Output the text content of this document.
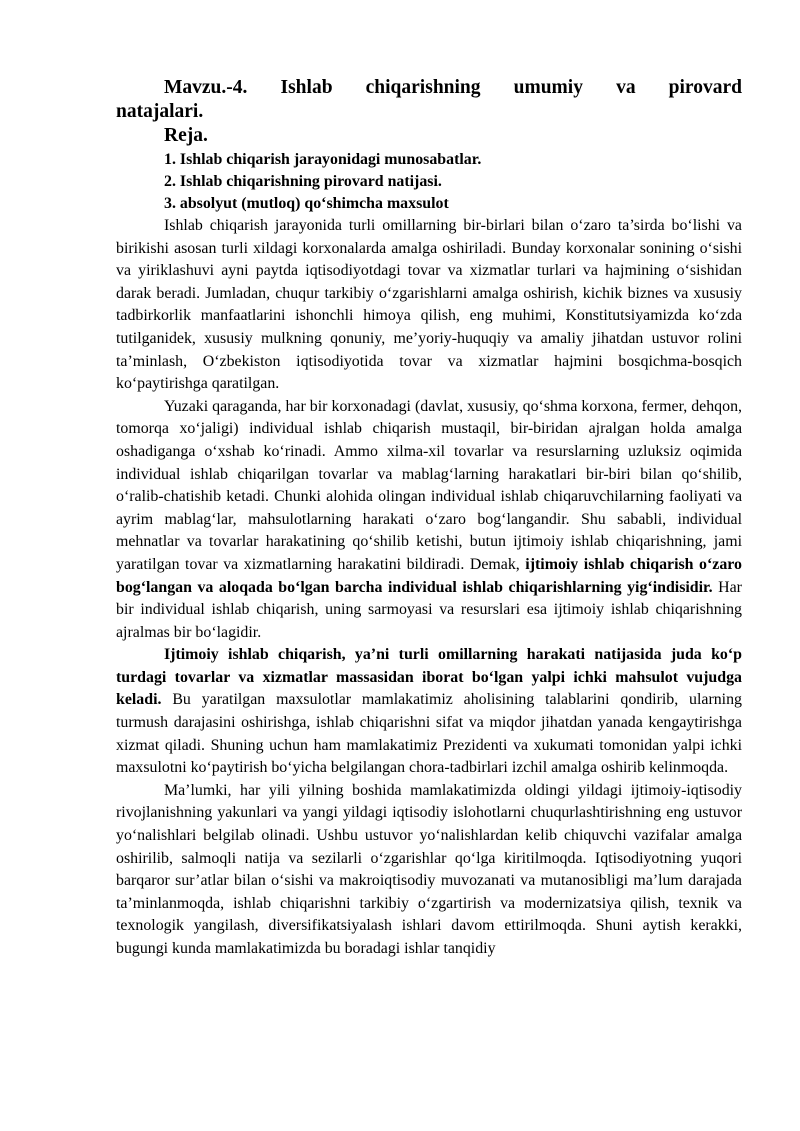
Mavzu.-4. Ishlab chiqarishning umumiy va pirovard
natajalari.

Reja.
1. Ishlab chiqarish jarayonidagi munosabatlar.
2. Ishlab chiqarishning pirovard natijasi.
3. absolyut (mutloq) qo‘shimcha maxsulot

Ishlab chiqarish jarayonida turli omillarning bir-birlari bilan o‘zaro ta’sirda bo‘lishi va birikishi asosan turli xildagi korxonalarda amalga oshiriladi. Bunday korxonalar sonining o‘sishi va yiriklashuvi ayni paytda iqtisodiyotdagi tovar va xizmatlar turlari va hajmining o‘sishidan darak beradi. Jumladan, chuqur tarkibiy o‘zgarishlarni amalga oshirish, kichik biznes va xususiy tadbirkorlik manfaatlarini ishonchli himoya qilish, eng muhimi, Konstitutsiyamizda ko‘zda tutilganidek, xususiy mulkning qonuniy, me’yoriy-huquqiy va amaliy jihatdan ustuvor rolini ta’minlash, O‘zbekiston iqtisodiyotida tovar va xizmatlar hajmini bosqichma-bosqich ko‘paytirishga qaratilgan.

Yuzaki qaraganda, har bir korxonadagi (davlat, xususiy, qo‘shma korxona, fermer, dehqon, tomorqa xo‘jaligi) individual ishlab chiqarish mustaqil, bir-biridan ajralgan holda amalga oshadiganga o‘xshab ko‘rinadi. Ammo xilma-xil tovarlar va resurslarning uzluksiz oqimida individual ishlab chiqarilgan tovarlar va mablag‘larning harakatlari bir-biri bilan qo‘shilib, o‘ralib-chatishib ketadi. Chunki alohida olingan individual ishlab chiqaruvchilarning faoliyati va ayrim mablag‘lar, mahsulotlarning harakati o‘zaro bog‘langandir. Shu sababli, individual mehnatlar va tovarlar harakatining qo‘shilib ketishi, butun ijtimoiy ishlab chiqarishning, jami yaratilgan tovar va xizmatlarning harakatini bildiradi. Demak, ijtimoiy ishlab chiqarish o‘zaro bog‘langan va aloqada bo‘lgan barcha individual ishlab chiqarishlarning yig‘indisidir. Har bir individual ishlab chiqarish, uning sarmoyasi va resurslari esa ijtimoiy ishlab chiqarishning ajralmas bir bo‘lagidir.

Ijtimoiy ishlab chiqarish, ya’ni turli omillarning harakati natijasida juda ko‘p turdagi tovarlar va xizmatlar massasidan iborat bo‘lgan yalpi ichki mahsulot vujudga keladi. Bu yaratilgan maxsulotlar mamlakatimiz aholisining talablarini qondirib, ularning turmush darajasini oshirishga, ishlab chiqarishni sifat va miqdor jihatdan yanada kengaytirishga xizmat qiladi. Shuning uchun ham mamlakatimiz Prezidenti va xukumati tomonidan yalpi ichki maxsulotni ko‘paytirish bo‘yicha belgilangan chora-tadbirlari izchil amalga oshirib kelinmoqda.

Ma’lumki, har yili yilning boshida mamlakatimizda oldingi yildagi ijtimoiy-iqtisodiy rivojlanishning yakunlari va yangi yildagi iqtisodiy islohotlarni chuqurlashtirishning eng ustuvor yo‘nalishlari belgilab olinadi. Ushbu ustuvor yo‘nalishlardan kelib chiquvchi vazifalar amalga oshirilib, salmoqli natija va sezilarli o‘zgarishlar qo‘lga kiritilmoqda. Iqtisodiyotning yuqori barqaror sur’atlar bilan o‘sishi va makroiqtisodiy muvozanati va mutanosibligi ma’lum darajada ta’minlanmoqda, ishlab chiqarishni tarkibiy o‘zgartirish va modernizatsiya qilish, texnik va texnologik yangilash, diversifikatsiyalash ishlari davom ettirilmoqda. Shuni aytish kerakki, bugungi kunda mamlakatimizda bu boradagi ishlar tanqidiy
